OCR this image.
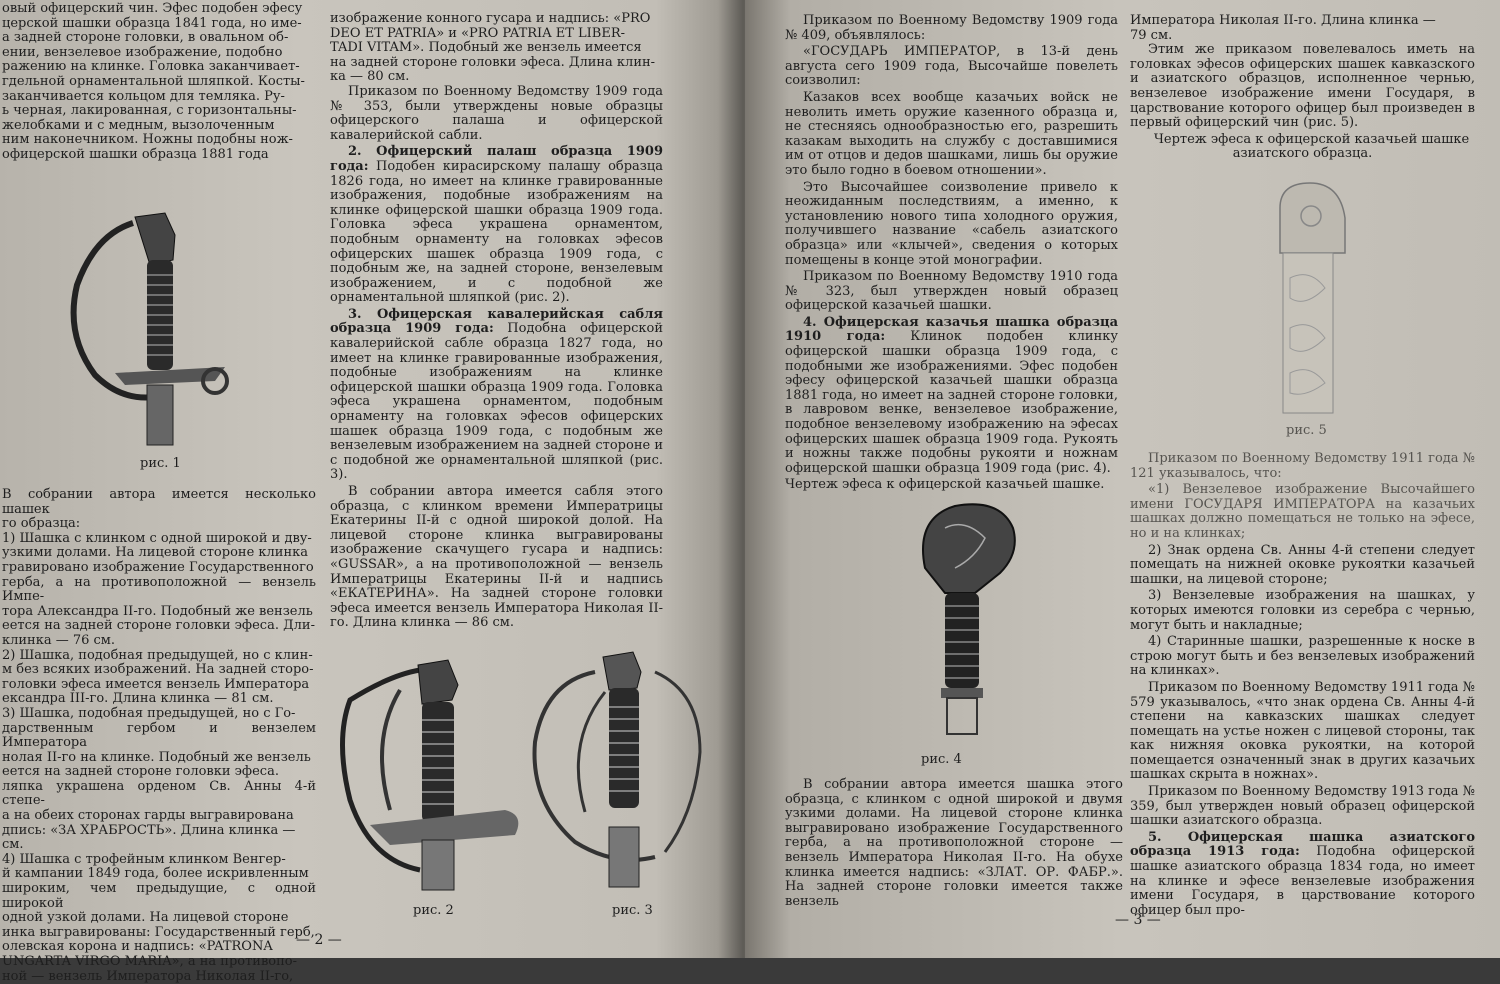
овый офицерский чин. Эфес подобен эфесу
церской шашки образца 1841 года, но име-
а задней стороне головки, в овальном об-
ении, вензелевое изображение, подобно
ражению на клинке. Головка заканчивает-
гдельной орнаментальной шляпкой. Косты-
заканчивается кольцом для темляка. Ру-
ь черная, лакированная, с горизонтальны-
желобками и с медным, вызолоченным
ним наконечником. Ножны подобны нож-
офицерской шашки образца 1881 года
рис. 1
В собрании автора имеется несколько шашек
го образца:
1) Шашка с клинком с одной широкой и дву-
узкими долами. На лицевой стороне клинка
гравировано изображение Государственного
герба, а на противоположной — вензель Импе-
тора Александра II-го. Подобный же вензель
еется на задней стороне головки эфеса. Дли-
клинка — 76 см.
2) Шашка, подобная предыдущей, но с клин-
м без всяких изображений. На задней сторо-
головки эфеса имеется вензель Императора
ександра III-го. Длина клинка — 81 см.
3) Шашка, подобная предыдущей, но с Го-
дарственным гербом и вензелем Императора
нолая II-го на клинке. Подобный же вензель
еется на задней стороне головки эфеса.
ляпка украшена орденом Св. Анны 4-й степе-
а на обеих сторонах гарды выгравирована
дпись: «ЗА ХРАБРОСТЬ». Длина клинка —
см.
4) Шашка с трофейным клинком Венгер-
й кампании 1849 года, более искривленным
широким, чем предыдущие, с одной широкой
одной узкой долами. На лицевой стороне
инка выгравированы: Государственный герб,
олевская корона и надпись: «PATRONA
UNGARTA VIRGO MARIA», а на противопо-
ной — вензель Императора Николая II-го,
изображение конного гусара и надпись: «PRO
DEO ET PATRIA» и «PRO PATRIA ET LIBER-
TADI VITAM». Подобный же вензель имеется
на задней стороне головки эфеса. Длина клин-
ка — 80 см.

Приказом по Военному Ведомству 1909 года № 353, были утверждены новые образцы офицерского палаша и офицерской кавалерийской сабли.

2. Офицерский палаш образца 1909 года: Подобен кирасирскому палашу образца 1826 года, но имеет на клинке гравированные изображения, подобные изображениям на клинке офицерской шашки образца 1909 года. Головка эфеса украшена орнаментом, подобным орнаменту на головках эфесов офицерских шашек образца 1909 года, с подобным же, на задней стороне, вензелевым изображением, и с подобной же орнаментальной шляпкой (рис. 2).

3. Офицерская кавалерийская сабля образца 1909 года: Подобна офицерской кавалерийской сабле образца 1827 года, но имеет на клинке гравированные изображения, подобные изображениям на клинке офицерской шашки образца 1909 года. Головка эфеса украшена орнаментом, подобным орнаменту на головках эфесов офицерских шашек образца 1909 года, с подобным же вензелевым изображением на задней стороне и с подобной же орнаментальной шляпкой (рис. 3).

В собрании автора имеется сабля этого образца, с клинком времени Императрицы Екатерины II-й с одной широкой долой. На лицевой стороне клинка выгравированы изображение скачущего гусара и надпись: «GUSSAR», а на противоположной — вензель Императрицы Екатерины II-й и надпись «ЕКАТЕРИНА». На задней стороне головки эфеса имеется вензель Императора Николая II-го. Длина клинка — 86 см.

рис. 2	рис. 3
— 2 —

Приказом по Военному Ведомству 1909 года № 409, объявлялось:

«ГОСУДАРЬ ИМПЕРАТОР, в 13-й день августа сего 1909 года, Высочайше повелеть соизволил:

Казаков всех вообще казачьих войск не неволить иметь оружие казенного образца и, не стесняясь однообразностью его, разрешить казакам выходить на службу с доставшимися им от отцов и дедов шашками, лишь бы оружие это было годно в боевом отношении».

Это Высочайшее соизволение привело к неожиданным последствиям, а именно, к установлению нового типа холодного оружия, получившего название «сабель азиатского образца» или «клычей», сведения о которых помещены в конце этой монографии.

Приказом по Военному Ведомству 1910 года № 323, был утвержден новый образец офицерской казачьей шашки.

4. Офицерская казачья шашка образца 1910 года: Клинок подобен клинку офицерской шашки образца 1909 года, с подобными же изображениями. Эфес подобен эфесу офицерской казачьей шашки образца 1881 года, но имеет на задней стороне головки, в лавровом венке, вензелевое изображение, подобное вензелевому изображению на эфесах офицерских шашек образца 1909 года. Рукоять и ножны также подобны рукояти и ножнам офицерской шашки образца 1909 года (рис. 4).

Чертеж эфеса к офицерской казачьей шашке.

рис. 4

В собрании автора имеется шашка этого образца, с клинком с одной широкой и двумя узкими долами. На лицевой стороне клинка выгравировано изображение Государственного герба, а на противоположной стороне — вензель Императора Николая II-го. На обухе клинка имеется надпись: «ЗЛАТ. ОР. ФАБР.». На задней стороне головки имеется также вензель

Императора Николая II-го. Длина клинка —
79 см.

Этим же приказом повелевалось иметь на головках эфесов офицерских шашек кавказского и азиатского образцов, исполненное чернью, вензелевое изображение имени Государя, в царствование которого офицер был произведен в первый офицерский чин (рис. 5).

Чертеж эфеса к офицерской казачьей шашке азиатского образца.

рис. 5

Приказом по Военному Ведомству 1911 года № 121 указывалось, что:

«1) Вензелевое изображение Высочайшего имени ГОСУДАРЯ ИМПЕРАТОРА на казачьих шашках должно помещаться не только на эфесе, но и на клинках;

2) Знак ордена Св. Анны 4-й степени следует помещать на нижней оковке рукоятки казачьей шашки, на лицевой стороне;

3) Вензелевые изображения на шашках, у которых имеются головки из серебра с чернью, могут быть и накладные;

4) Старинные шашки, разрешенные к носке в строю могут быть и без вензелевых изображений на клинках».

Приказом по Военному Ведомству 1911 года № 579 указывалось, «что знак ордена Св. Анны 4-й степени на кавказских шашках следует помещать на устье ножен с лицевой стороны, так как нижняя оковка рукоятки, на которой помещается означенный знак в других казачьих шашках скрыта в ножнах».

Приказом по Военному Ведомству 1913 года № 359, был утвержден новый образец офицерской шашки азиатского образца.

5. Офицерская шашка азиатского образца 1913 года: Подобна офицерской шашке азиатского образца 1834 года, но имеет на клинке и эфесе вензелевые изображения имени Государя, в царствование которого офицер был про-

— 3 —
